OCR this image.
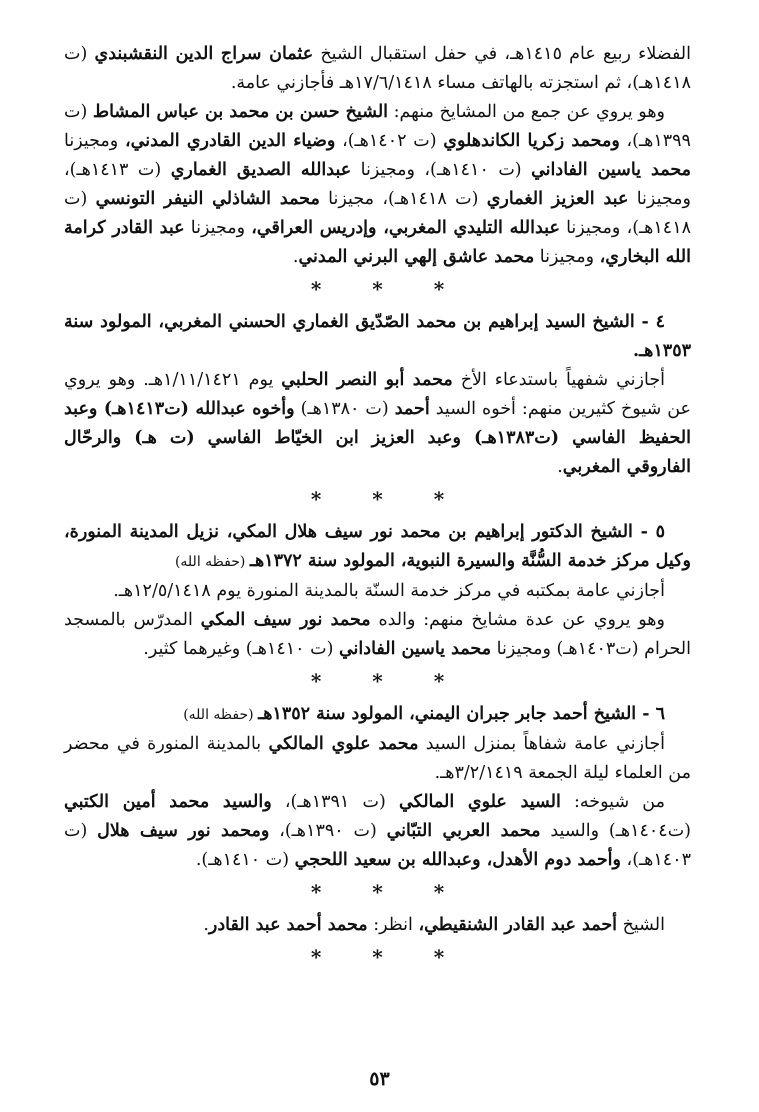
الفضلاء ربيع عام ١٤١٥هـ، في حفل استقبال الشيخ عثمان سراج الدين النقشبندي (ت ١٤١٨هـ)، ثم استجزته بالهاتف مساء ١٧/٦/١٤١٨هـ فأجازني عامة.

وهو يروي عن جمع من المشايخ منهم: الشيخ حسن بن محمد بن عباس المشاط (ت ١٣٩٩هـ)، ومحمد زكريا الكاندهلوي (ت ١٤٠٢هـ)، وضياء الدين القادري المدني، ومجيزنا محمد ياسين الفاداني (ت ١٤١٠هـ)، ومجيزنا عبدالله الصديق الغماري (ت ١٤١٣هـ)، ومجيزنا عبد العزيز الغماري (ت ١٤١٨هـ)، مجيزنا محمد الشاذلي النيفر التونسي (ت ١٤١٨هـ)، ومجيزنا عبدالله التليدي المغربي، وإدريس العراقي، ومجيزنا عبد القادر كرامة الله البخاري، ومجيزنا محمد عاشق إلهي البرني المدني.

* * *

٤ - الشيخ السيد إبراهيم بن محمد الصّدّيق الغماري الحسني المغربي، المولود سنة ١٣٥٣هـ.

أجازني شفهياً باستدعاء الأخ محمد أبو النصر الحلبي يوم ١/١١/١٤٢١هـ. وهو يروي عن شيوخ كثيرين منهم: أخوه السيد أحمد (ت ١٣٨٠هـ) وأخوه عبدالله (ت١٤١٣هـ) وعبد الحفيظ الفاسي (ت١٣٨٣هـ) وعبد العزيز ابن الخيّاط الفاسي (ت هـ) والرحّال الفاروقي المغربي.

* * *

٥ - الشيخ الدكتور إبراهيم بن محمد نور سيف هلال المكي، نزيل المدينة المنورة، وكيل مركز خدمة السُّنَّة والسيرة النبوية، المولود سنة ١٣٧٢هـ (حفظه الله)

أجازني عامة بمكتبه في مركز خدمة السنّة بالمدينة المنورة يوم ١٢/٥/١٤١٨هـ.

وهو يروي عن عدة مشايخ منهم: والده محمد نور سيف المكي المدرّس بالمسجد الحرام (ت١٤٠٣هـ) ومجيزنا محمد ياسين الفاداني (ت ١٤١٠هـ) وغيرهما كثير.

* * *

٦ - الشيخ أحمد جابر جبران اليمني، المولود سنة ١٣٥٢هـ (حفظه الله)

أجازني عامة شفاهاً بمنزل السيد محمد علوي المالكي بالمدينة المنورة في محضر من العلماء ليلة الجمعة ٣/٢/١٤١٩هـ.

من شيوخه: السيد علوي المالكي (ت ١٣٩١هـ)، والسيد محمد أمين الكتبي (ت١٤٠٤هـ) والسيد محمد العربي التبّاني (ت ١٣٩٠هـ)، ومحمد نور سيف هلال (ت ١٤٠٣هـ)، وأحمد دوم الأهدل، وعبدالله بن سعيد اللحجي (ت ١٤١٠هـ).

* * *

الشيخ أحمد عبد القادر الشنقيطي، انظر: محمد أحمد عبد القادر.

* * *
٥٣
